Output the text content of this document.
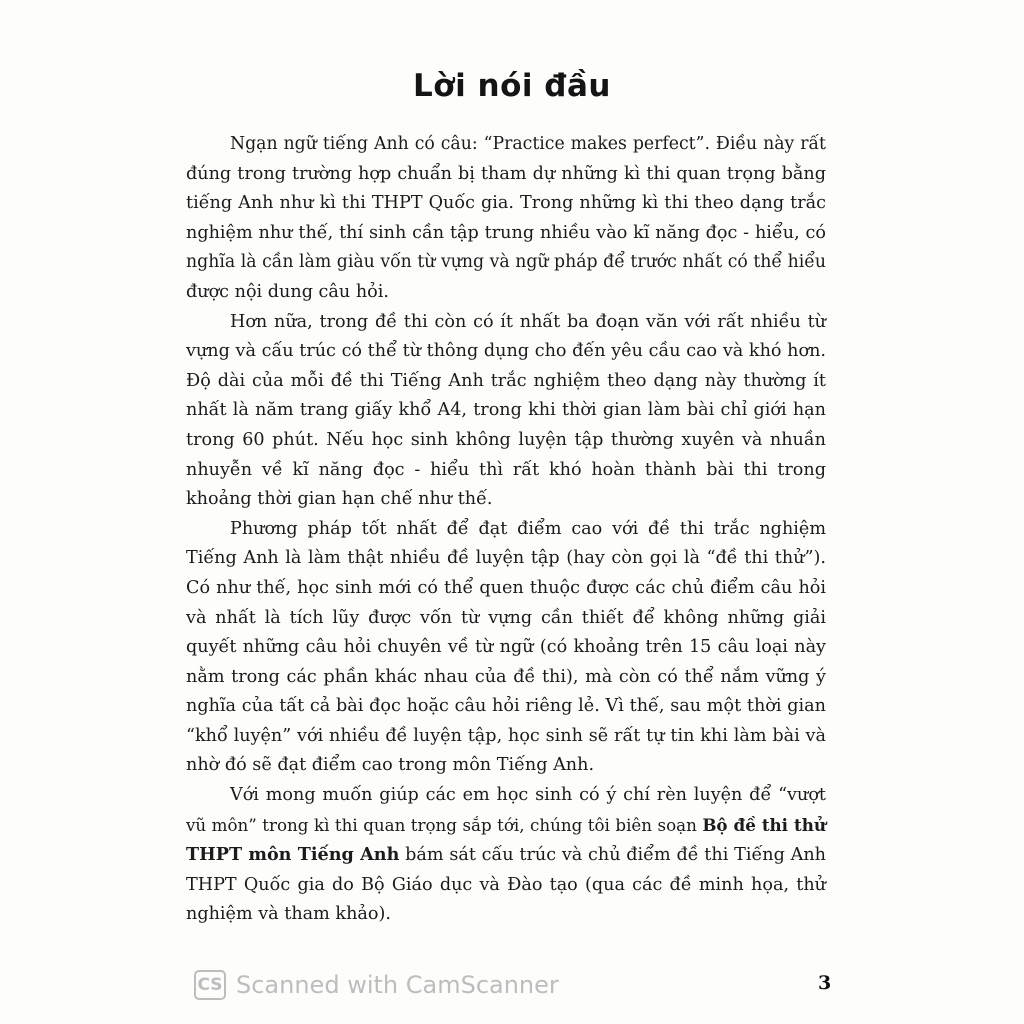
Lời nói đầu
Ngạn ngữ tiếng Anh có câu: “Practice makes perfect”. Điều này rất
đúng trong trường hợp chuẩn bị tham dự những kì thi quan trọng bằng
tiếng Anh như kì thi THPT Quốc gia. Trong những kì thi theo dạng trắc
nghiệm như thế, thí sinh cần tập trung nhiều vào kĩ năng đọc - hiểu, có
nghĩa là cần làm giàu vốn từ vựng và ngữ pháp để trước nhất có thể hiểu
được nội dung câu hỏi.
Hơn nữa, trong đề thi còn có ít nhất ba đoạn văn với rất nhiều từ
vựng và cấu trúc có thể từ thông dụng cho đến yêu cầu cao và khó hơn.
Độ dài của mỗi đề thi Tiếng Anh trắc nghiệm theo dạng này thường ít
nhất là năm trang giấy khổ A4, trong khi thời gian làm bài chỉ giới hạn
trong 60 phút. Nếu học sinh không luyện tập thường xuyên và nhuần
nhuyễn về kĩ năng đọc - hiểu thì rất khó hoàn thành bài thi trong
khoảng thời gian hạn chế như thế.
Phương pháp tốt nhất để đạt điểm cao với đề thi trắc nghiệm
Tiếng Anh là làm thật nhiều đề luyện tập (hay còn gọi là “đề thi thử”).
Có như thế, học sinh mới có thể quen thuộc được các chủ điểm câu hỏi
và nhất là tích lũy được vốn từ vựng cần thiết để không những giải
quyết những câu hỏi chuyên về từ ngữ (có khoảng trên 15 câu loại này
nằm trong các phần khác nhau của đề thi), mà còn có thể nắm vững ý
nghĩa của tất cả bài đọc hoặc câu hỏi riêng lẻ. Vì thế, sau một thời gian
“khổ luyện” với nhiều đề luyện tập, học sinh sẽ rất tự tin khi làm bài và
nhờ đó sẽ đạt điểm cao trong môn Tiếng Anh.
Với mong muốn giúp các em học sinh có ý chí rèn luyện để “vượt
vũ môn” trong kì thi quan trọng sắp tới, chúng tôi biên soạn Bộ đề thi thử
THPT môn Tiếng Anh bám sát cấu trúc và chủ điểm đề thi Tiếng Anh
THPT Quốc gia do Bộ Giáo dục và Đào tạo (qua các đề minh họa, thử
nghiệm và tham khảo).
CS Scanned with CamScanner	3
